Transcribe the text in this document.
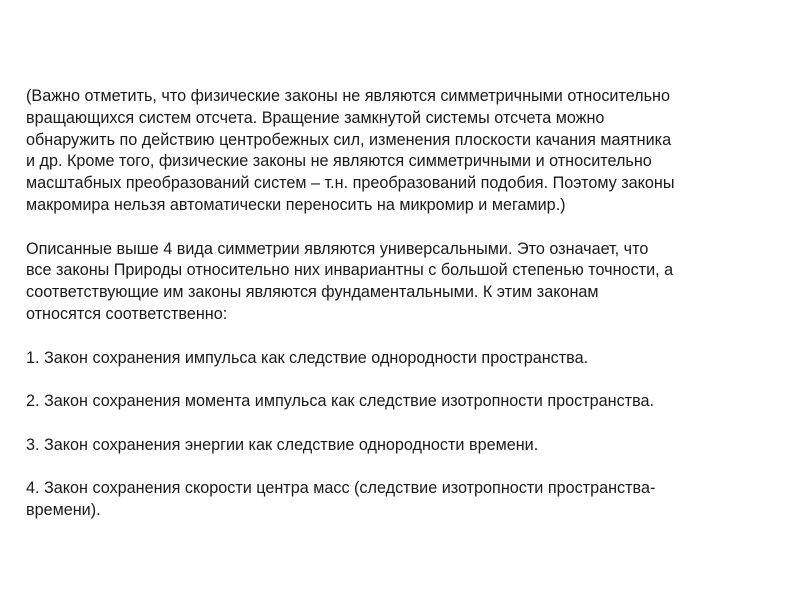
(Важно отметить, что физические законы не являются симметричными относительно
вращающихся систем отсчета. Вращение замкнутой системы отсчета можно
обнаружить по действию центробежных сил, изменения плоскости качания маятника
и др. Кроме того, физические законы не являются симметричными и относительно
масштабных преобразований систем – т.н. преобразований подобия. Поэтому законы
макромира нельзя автоматически переносить на микромир и мегамир.)

Описанные выше 4 вида симметрии являются универсальными. Это означает, что
все законы Природы относительно них инвариантны с большой степенью точности, а
соответствующие им законы являются фундаментальными. К этим законам
относятся соответственно:

1. Закон сохранения импульса как следствие однородности пространства.

2. Закон сохранения момента импульса как следствие изотропности пространства.

3. Закон сохранения энергии как следствие однородности времени.

4. Закон сохранения скорости центра масс (следствие изотропности пространства-
времени).
